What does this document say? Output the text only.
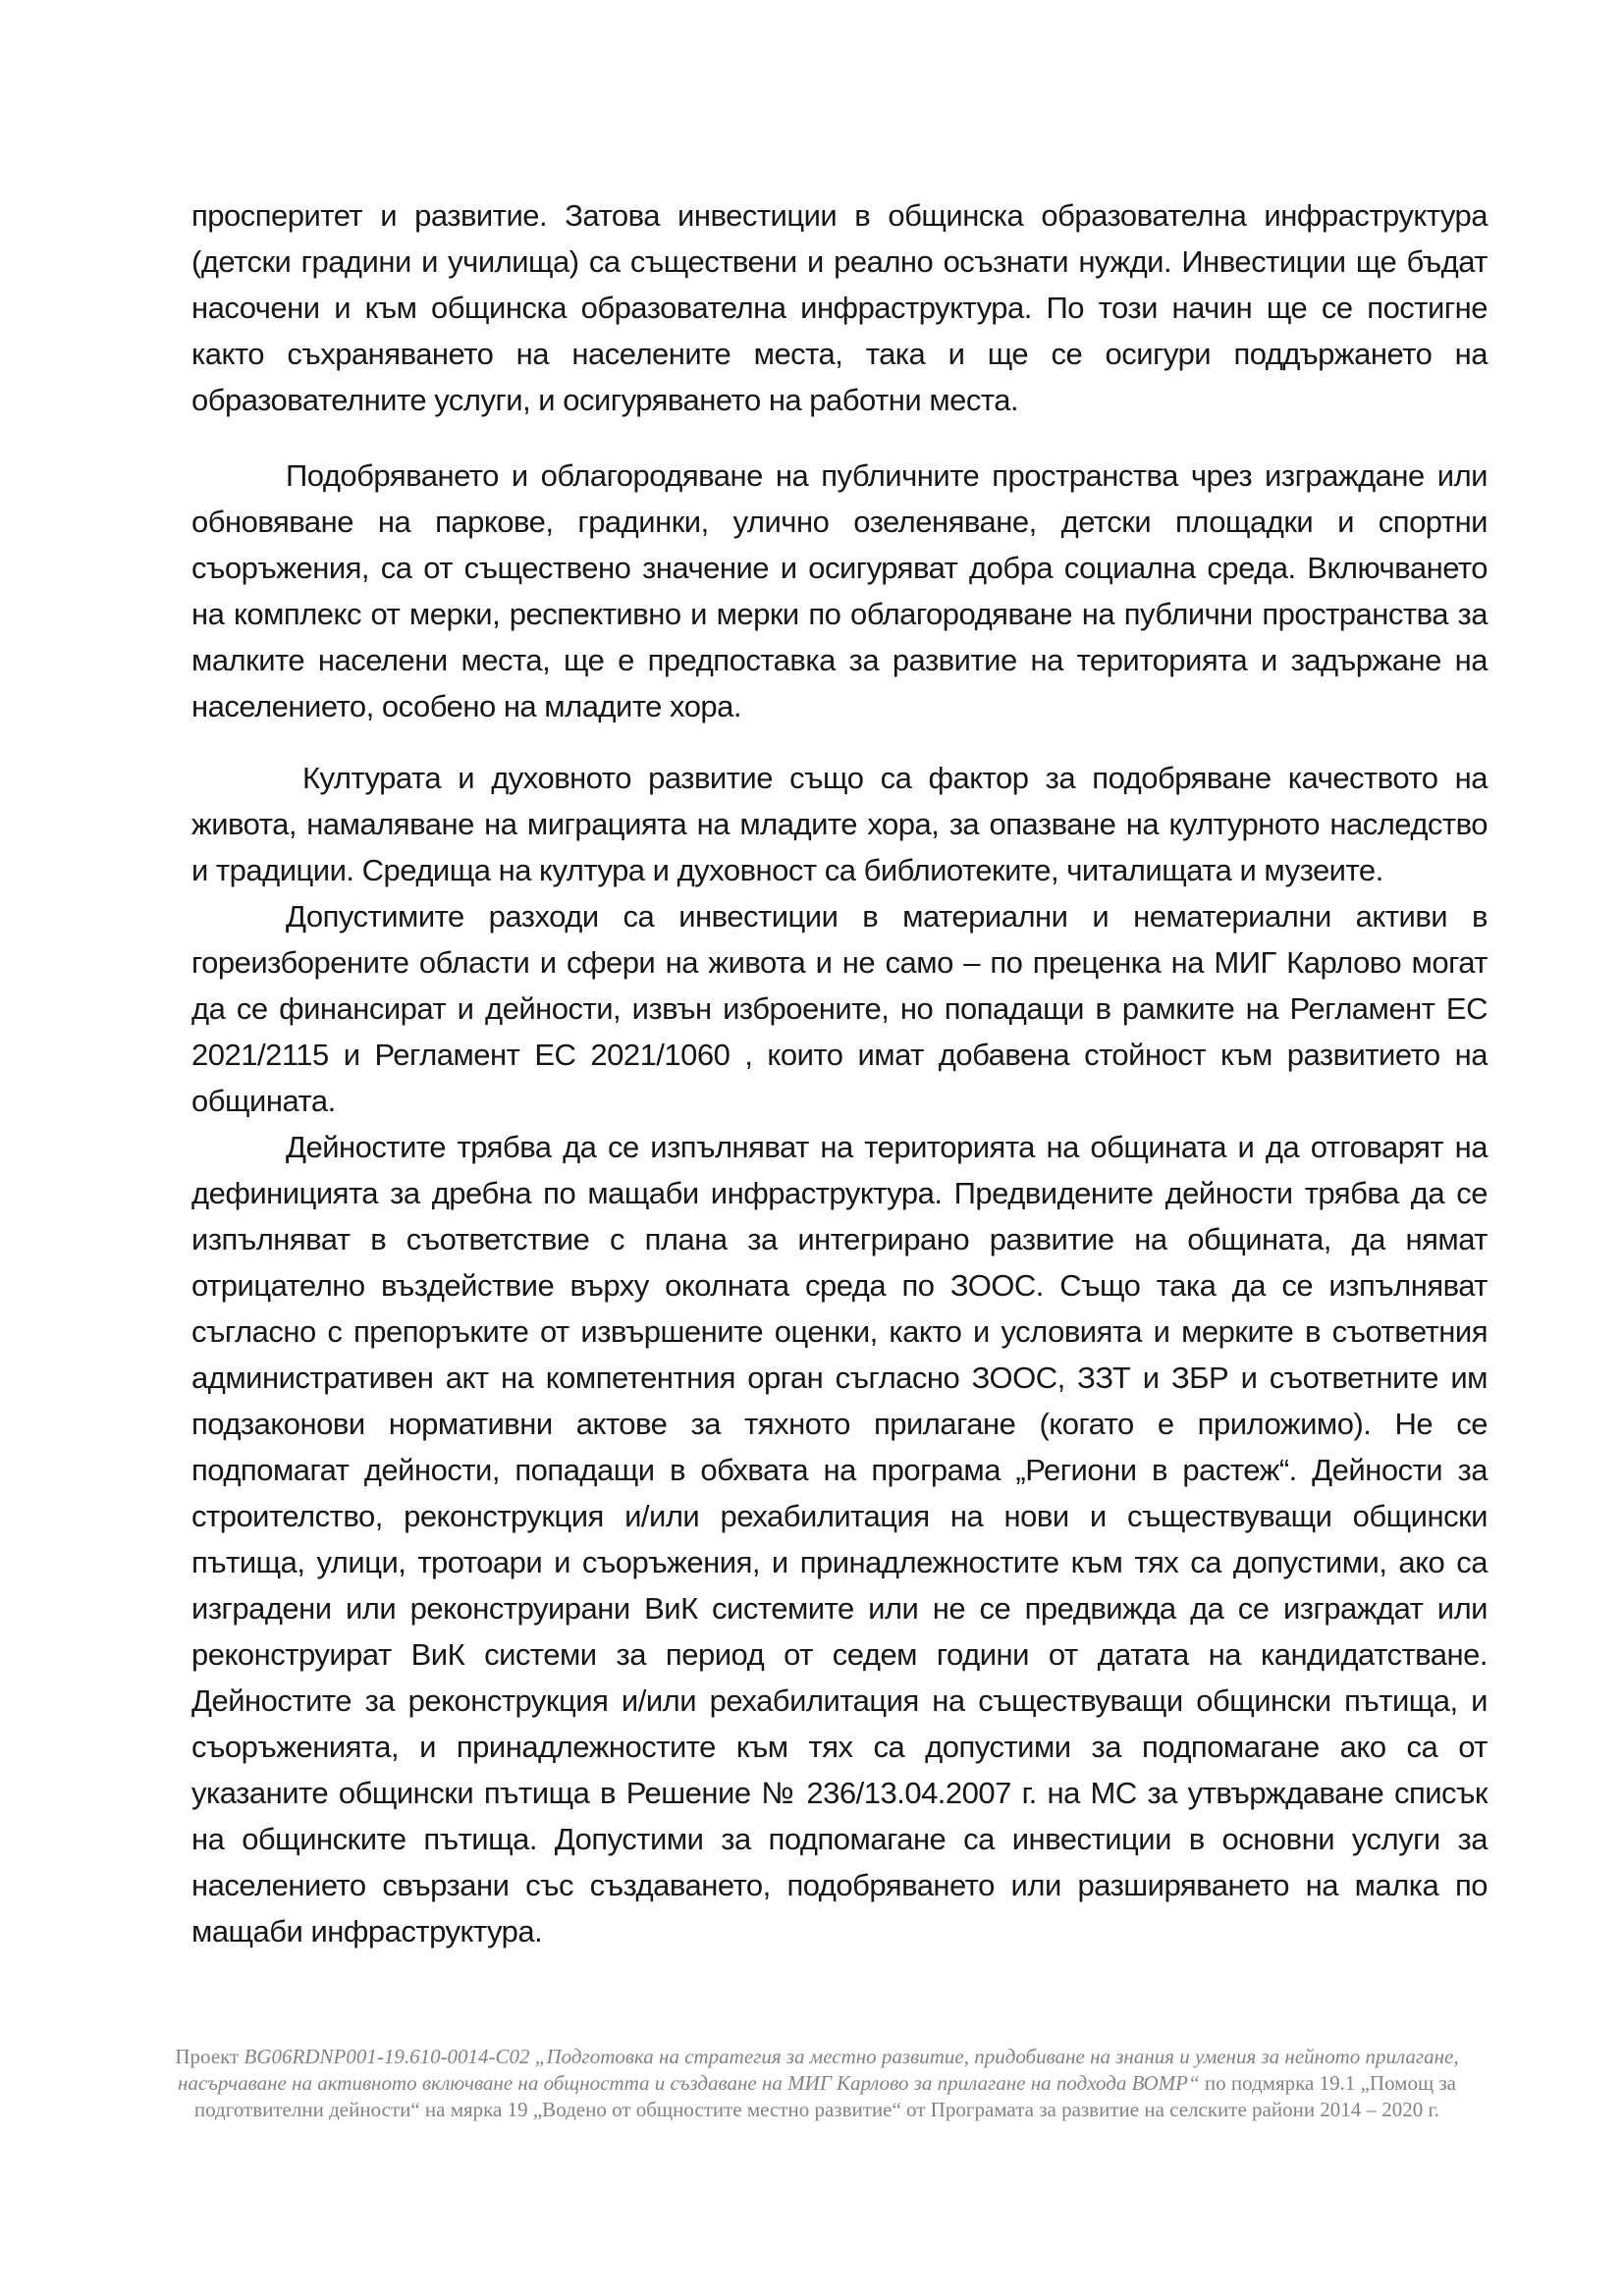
просперитет и развитие. Затова инвестиции в общинска образователна инфраструктура (детски градини и училища) са съществени и реално осъзнати нужди. Инвестиции ще бъдат насочени и към общинска образователна инфраструктура. По този начин ще се постигне както съхраняването на населените места, така и ще се осигури поддържането на образователните услуги, и осигуряването на работни места.

Подобряването и облагородяване на публичните пространства чрез изграждане или обновяване на паркове, градинки, улично озеленяване, детски площадки и спортни съоръжения, са от съществено значение и осигуряват добра социална среда. Включването на комплекс от мерки, респективно и мерки по облагородяване на публични пространства за малките населени места, ще е предпоставка за развитие на територията и задържане на населението, особено на младите хора.

Културата и духовното развитие също са фактор за подобряване качеството на живота, намаляване на миграцията на младите хора, за опазване на културното наследство и традиции. Средища на култура и духовност са библиотеките, читалищата и музеите.

Допустимите разходи са инвестиции в материални и нематериални активи в гореизборените области и сфери на живота и не само – по преценка на МИГ Карлово могат да се финансират и дейности, извън изброените, но попадащи в рамките на Регламент ЕС 2021/2115 и Регламент ЕС 2021/1060 , които имат добавена стойност към развитието на общината.

Дейностите трябва да се изпълняват на територията на общината и да отговарят на дефиницията за дребна по мащаби инфраструктура. Предвидените дейности трябва да се изпълняват в съответствие с плана за интегрирано развитие на общината, да нямат отрицателно въздействие върху околната среда по ЗООС. Също така да се изпълняват съгласно с препоръките от извършените оценки, както и условията и мерките в съответния административен акт на компетентния орган съгласно ЗООС, ЗЗТ и ЗБР и съответните им подзаконови нормативни актове за тяхното прилагане (когато е приложимо). Не се подпомагат дейности, попадащи в обхвата на програма „Региони в растеж“. Дейности за строителство, реконструкция и/или рехабилитация на нови и съществуващи общински пътища, улици, тротоари и съоръжения, и принадлежностите към тях са допустими, ако са изградени или реконструирани ВиК системите или не се предвижда да се изграждат или реконструират ВиК системи за период от седем години от датата на кандидатстване. Дейностите за реконструкция и/или рехабилитация на съществуващи общински пътища, и съоръженията, и принадлежностите към тях са допустими за подпомагане ако са от указаните общински пътища в Решение № 236/13.04.2007 г. на МС за утвърждаване списък на общинските пътища. Допустими за подпомагане са инвестиции в основни услуги за населението свързани със създаването, подобряването или разширяването на малка по мащаби инфраструктура.

Проект BG06RDNP001-19.610-0014-C02 „Подготовка на стратегия за местно развитие, придобиване на знания и умения за нейното прилагане, насърчаване на активното включване на общността и създаване на МИГ Карлово за прилагане на подхода ВОМР“ по подмярка 19.1 „Помощ за подготвителни дейности“ на мярка 19 „Водено от общностите местно развитие“ от Програмата за развитие на селските райони 2014 – 2020 г.
